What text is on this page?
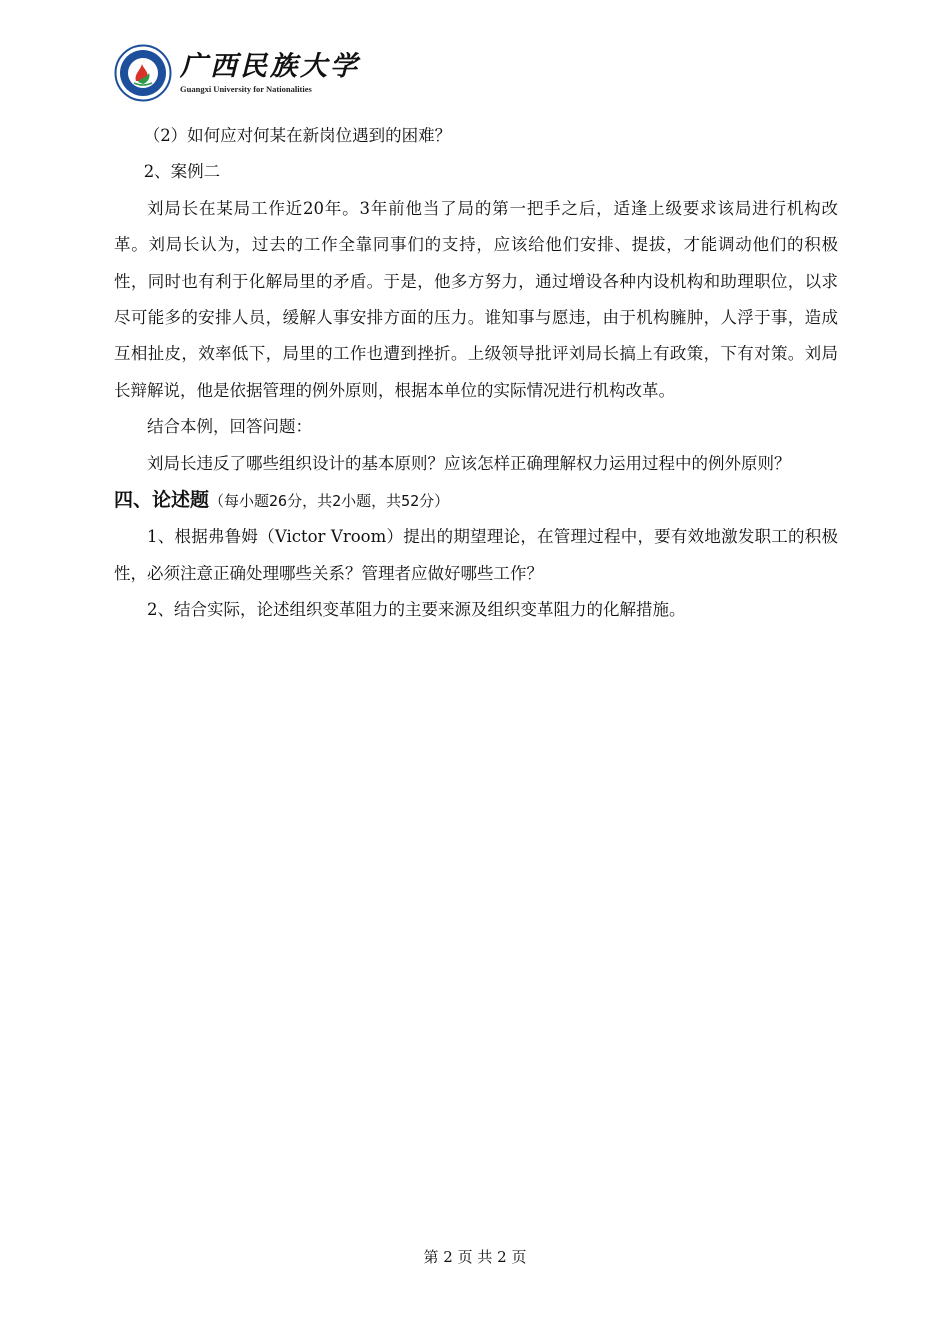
广西民族大学
Guangxi University for Nationalities

（2）如何应对何某在新岗位遇到的困难？

2、案例二

刘局长在某局工作近20年。3年前他当了局的第一把手之后，适逢上级要求该局进行机构改革。刘局长认为，过去的工作全靠同事们的支持，应该给他们安排、提拔，才能调动他们的积极性，同时也有利于化解局里的矛盾。于是，他多方努力，通过增设各种内设机构和助理职位，以求尽可能多的安排人员，缓解人事安排方面的压力。谁知事与愿违，由于机构臃肿，人浮于事，造成互相扯皮，效率低下，局里的工作也遭到挫折。上级领导批评刘局长搞上有政策，下有对策。刘局长辩解说，他是依据管理的例外原则，根据本单位的实际情况进行机构改革。

结合本例，回答问题：

刘局长违反了哪些组织设计的基本原则？应该怎样正确理解权力运用过程中的例外原则？

四、论述题（每小题26分，共2小题，共52分）

1、根据弗鲁姆（Victor Vroom）提出的期望理论，在管理过程中，要有效地激发职工的积极性，必须注意正确处理哪些关系？管理者应做好哪些工作？

2、结合实际，论述组织变革阻力的主要来源及组织变革阻力的化解措施。

第 2 页 共 2 页
